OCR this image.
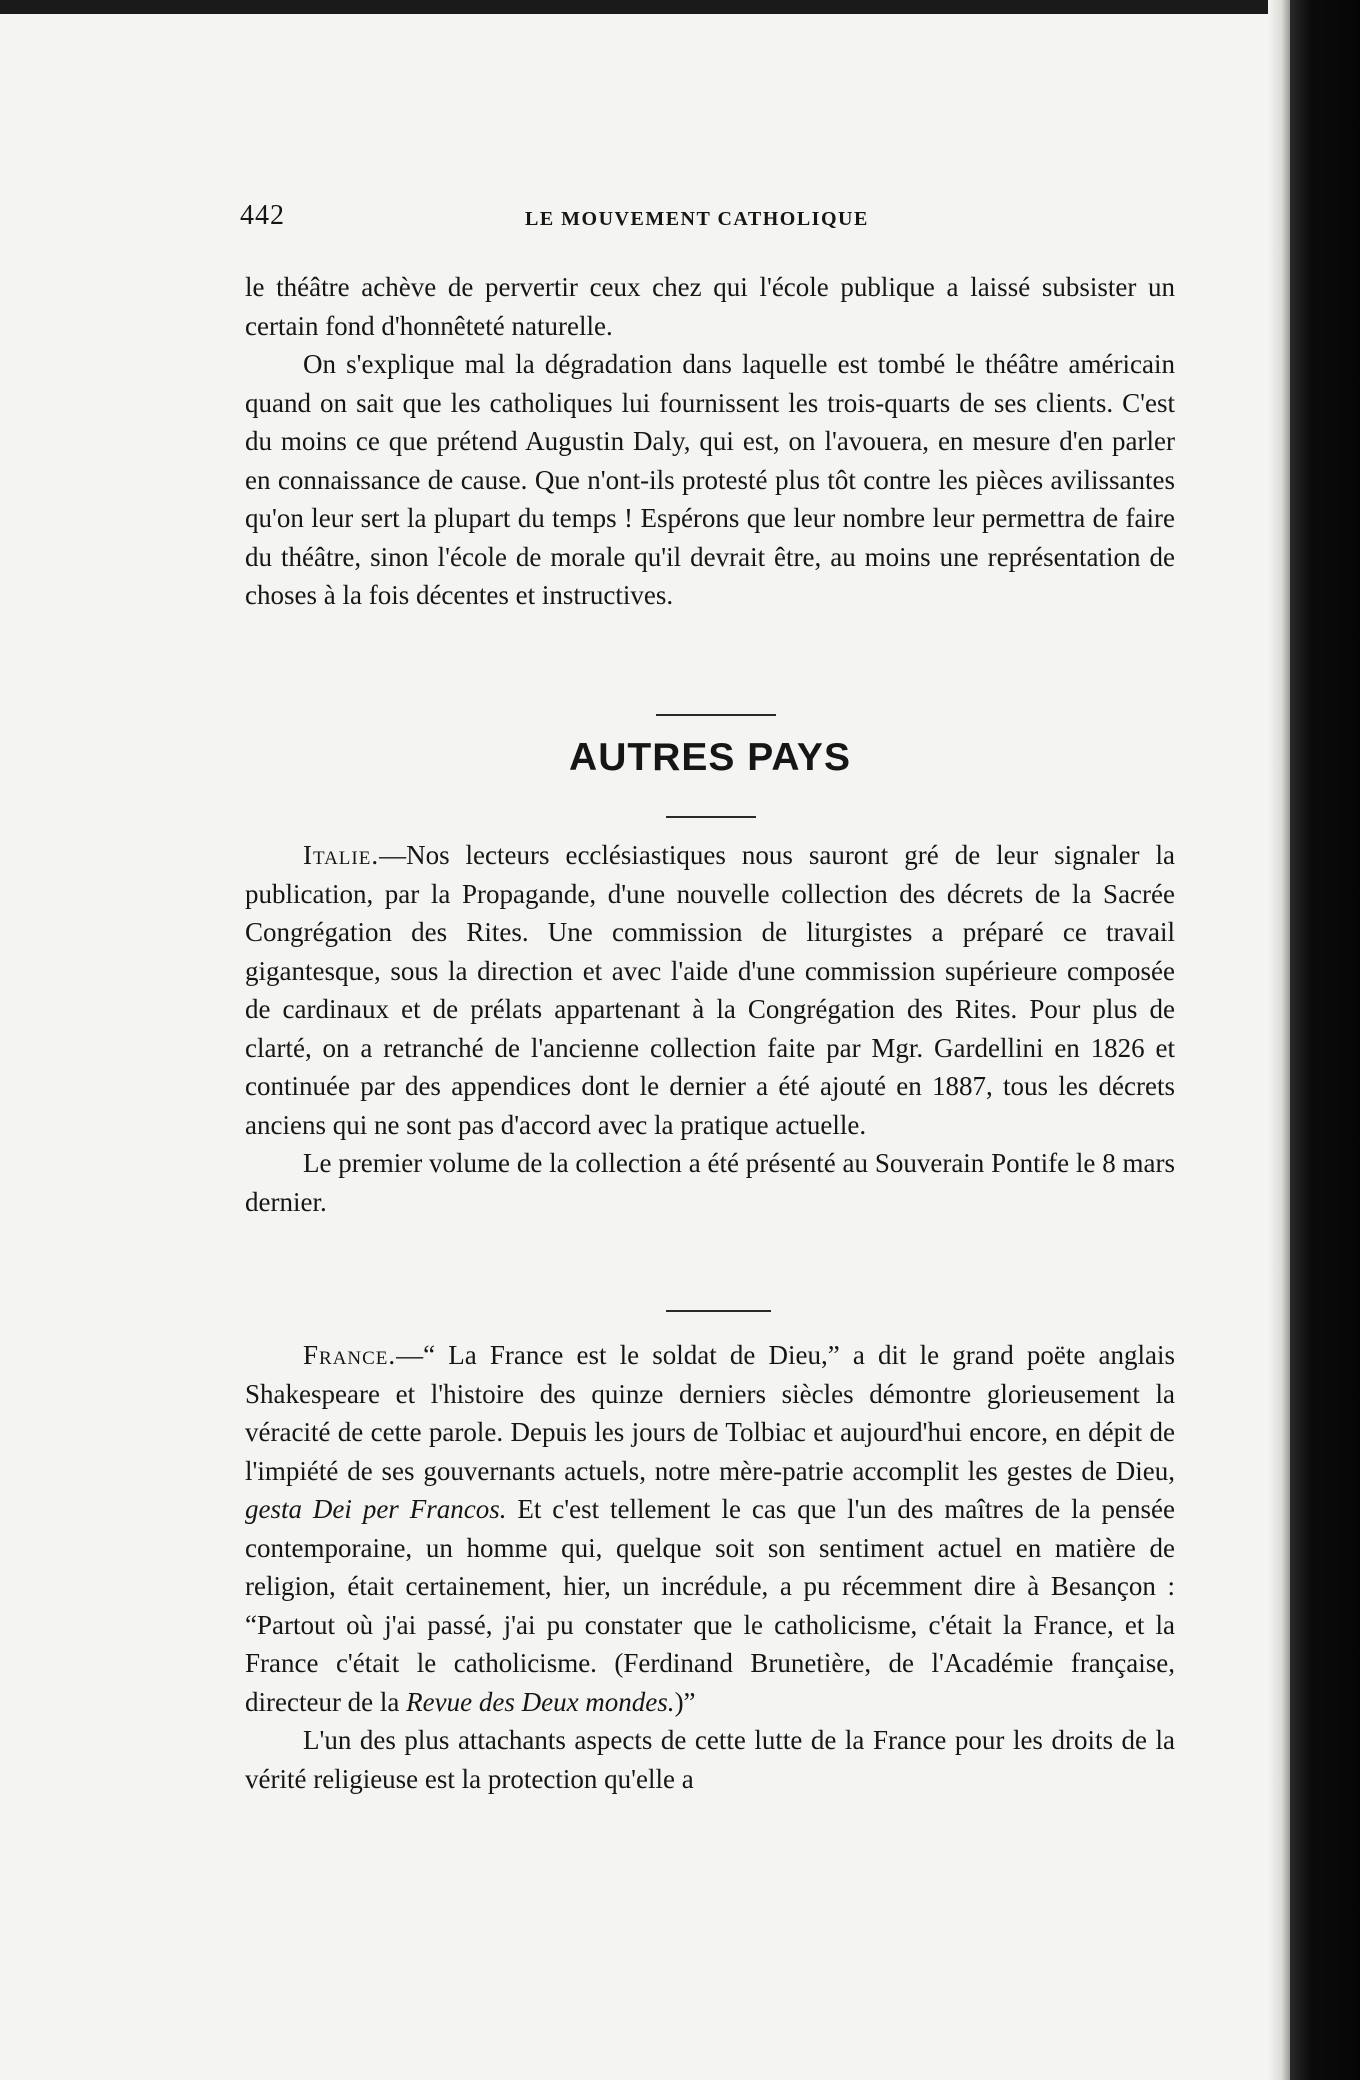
442	LE MOUVEMENT CATHOLIQUE

le théâtre achève de pervertir ceux chez qui l'école publique a laissé subsister un certain fond d'honnêteté naturelle.

On s'explique mal la dégradation dans laquelle est tombé le théâtre américain quand on sait que les catholiques lui fournissent les trois-quarts de ses clients. C'est du moins ce que prétend Augustin Daly, qui est, on l'avouera, en mesure d'en parler en connaissance de cause. Que n'ont-ils protesté plus tôt contre les pièces avilissantes qu'on leur sert la plupart du temps ! Espérons que leur nombre leur permettra de faire du théâtre, sinon l'école de morale qu'il devrait être, au moins une représentation de choses à la fois décentes et instructives.

AUTRES PAYS

Italie.—Nos lecteurs ecclésiastiques nous sauront gré de leur signaler la publication, par la Propagande, d'une nouvelle collection des décrets de la Sacrée Congrégation des Rites. Une commission de liturgistes a préparé ce travail gigantesque, sous la direction et avec l'aide d'une commission supérieure composée de cardinaux et de prélats appartenant à la Congrégation des Rites. Pour plus de clarté, on a retranché de l'ancienne collection faite par Mgr. Gardellini en 1826 et continuée par des appendices dont le dernier a été ajouté en 1887, tous les décrets anciens qui ne sont pas d'accord avec la pratique actuelle.

Le premier volume de la collection a été présenté au Souverain Pontife le 8 mars dernier.

France.—“ La France est le soldat de Dieu,” a dit le grand poëte anglais Shakespeare et l'histoire des quinze derniers siècles démontre glorieusement la véracité de cette parole. Depuis les jours de Tolbiac et aujourd'hui encore, en dépit de l'impiété de ses gouvernants actuels, notre mère-patrie accomplit les gestes de Dieu, gesta Dei per Francos. Et c'est tellement le cas que l'un des maîtres de la pensée contemporaine, un homme qui, quelque soit son sentiment actuel en matière de religion, était certainement, hier, un incrédule, a pu récemment dire à Besançon : “Partout où j'ai passé, j'ai pu constater que le catholicisme, c'était la France, et la France c'était le catholicisme. (Ferdinand Brunetière, de l'Académie française, directeur de la Revue des Deux mondes.)”

L'un des plus attachants aspects de cette lutte de la France pour les droits de la vérité religieuse est la protection qu'elle a
